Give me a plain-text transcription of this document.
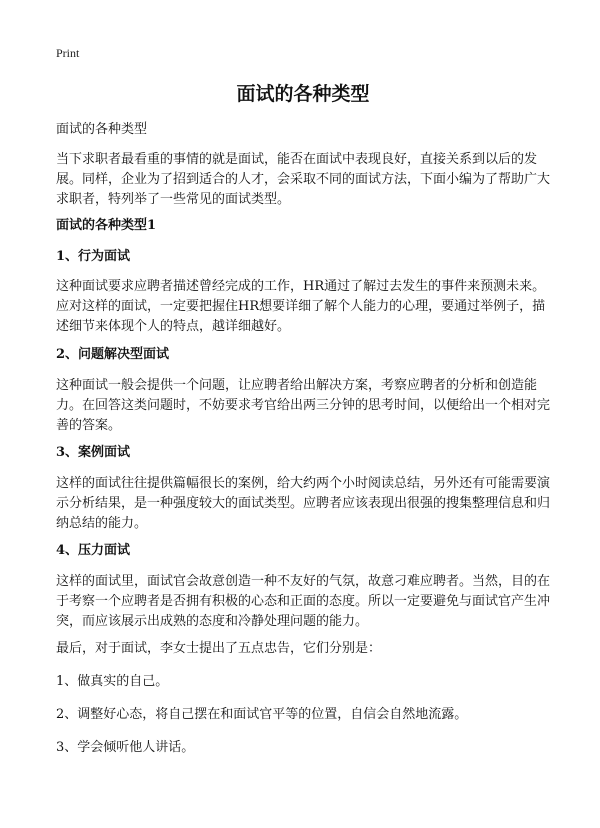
Print
面试的各种类型

面试的各种类型

当下求职者最看重的事情的就是面试，能否在面试中表现良好，直接关系到以后的发展。同样，企业为了招到适合的人才，会采取不同的面试方法，下面小编为了帮助广大求职者，特列举了一些常见的面试类型。

面试的各种类型1

1、行为面试

这种面试要求应聘者描述曾经完成的工作，HR通过了解过去发生的事件来预测未来。应对这样的面试，一定要把握住HR想要详细了解个人能力的心理，要通过举例子，描述细节来体现个人的特点，越详细越好。

2、问题解决型面试

这种面试一般会提供一个问题，让应聘者给出解决方案，考察应聘者的分析和创造能力。在回答这类问题时，不妨要求考官给出两三分钟的思考时间，以便给出一个相对完善的答案。

3、案例面试

这样的面试往往提供篇幅很长的案例，给大约两个小时阅读总结，另外还有可能需要演示分析结果，是一种强度较大的面试类型。应聘者应该表现出很强的搜集整理信息和归纳总结的能力。

4、压力面试

这样的面试里，面试官会故意创造一种不友好的气氛，故意刁难应聘者。当然，目的在于考察一个应聘者是否拥有积极的心态和正面的态度。所以一定要避免与面试官产生冲突，而应该展示出成熟的态度和冷静处理问题的能力。

最后，对于面试，李女士提出了五点忠告，它们分别是：

1、做真实的自己。

2、调整好心态，将自己摆在和面试官平等的位置，自信会自然地流露。

3、学会倾听他人讲话。
